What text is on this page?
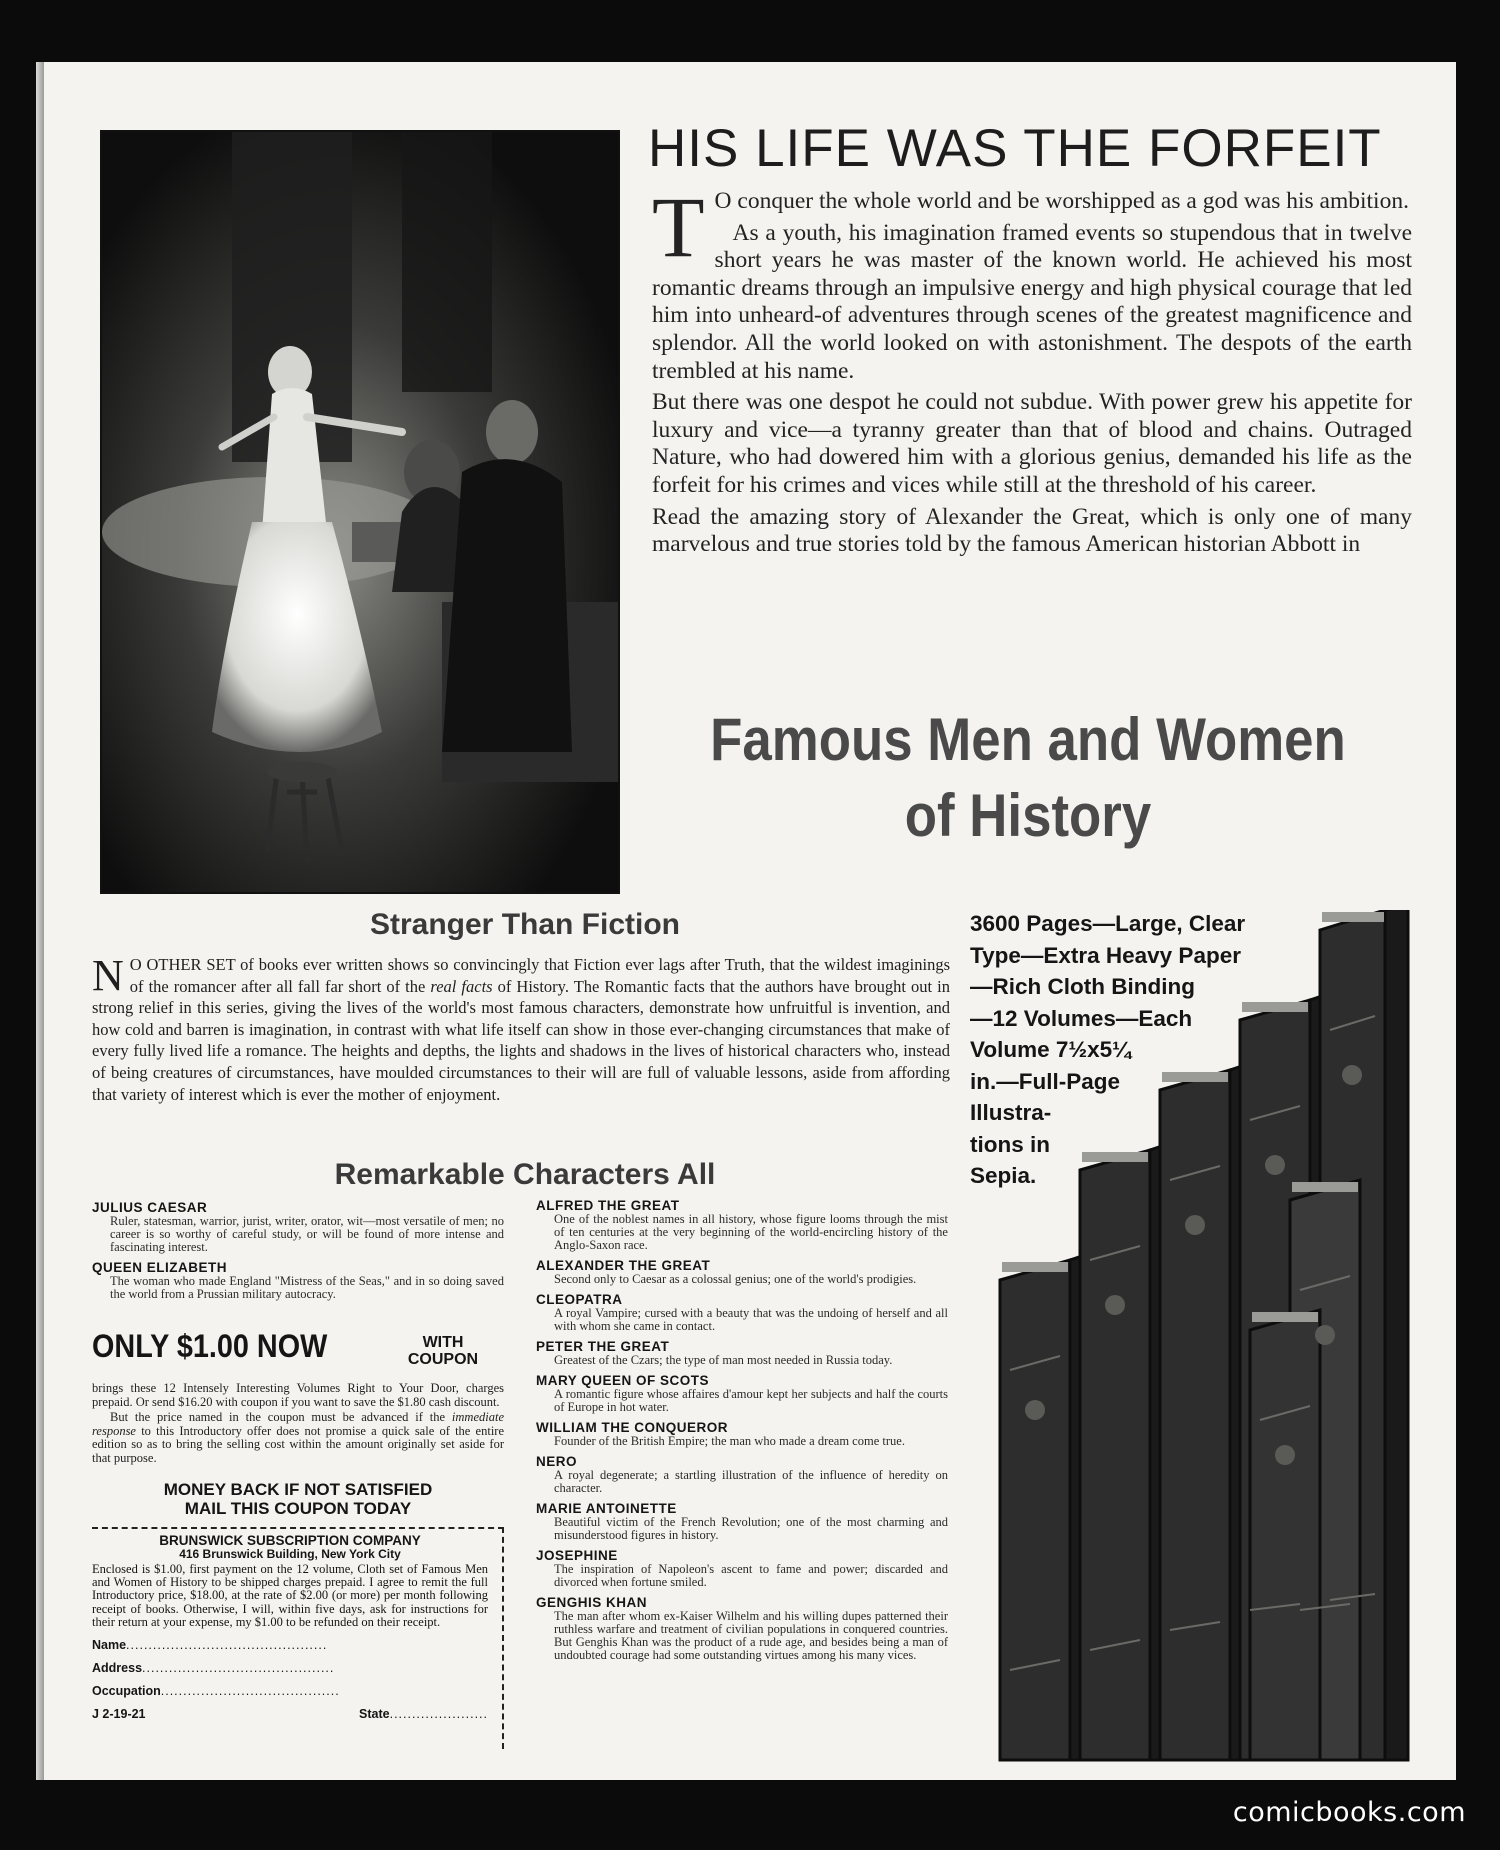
HIS LIFE WAS THE FORFEIT

T O conquer the whole world and be worshipped as a god was his ambition.

As a youth, his imagination framed events so stupendous that in twelve short years he was master of the known world. He achieved his most romantic dreams through an impulsive energy and high physical courage that led him into unheard-of adventures through scenes of the greatest magnificence and splendor. All the world looked on with astonishment. The despots of the earth trembled at his name.

But there was one despot he could not subdue. With power grew his appetite for luxury and vice—a tyranny greater than that of blood and chains. Outraged Nature, who had dowered him with a glorious genius, demanded his life as the forfeit for his crimes and vices while still at the threshold of his career.

Read the amazing story of Alexander the Great, which is only one of many marvelous and true stories told by the famous American historian Abbott in

Famous Men and Women
of History
Stranger Than Fiction
N O OTHER SET of books ever written shows so convincingly that Fiction ever lags after Truth, that the wildest imaginings of the romancer after all fall far short of the real facts of History. The Romantic facts that the authors have brought out in strong relief in this series, giving the lives of the world's most famous characters, demonstrate how unfruitful is invention, and how cold and barren is imagination, in contrast with what life itself can show in those ever-changing circumstances that make of every fully lived life a romance. The heights and depths, the lights and shadows in the lives of historical characters who, instead of being creatures of circumstances, have moulded circumstances to their will are full of valuable lessons, aside from affording that variety of interest which is ever the mother of enjoyment.
Remarkable Characters All
JULIUS CAESAR
Ruler, statesman, warrior, jurist, writer, orator, wit—most versatile of men; no career is so worthy of careful study, or will be found of more intense and fascinating interest.
QUEEN ELIZABETH
The woman who made England "Mistress of the Seas," and in so doing saved the world from a Prussian military autocracy.
ONLY $1.00 NOW	WITH
COUPON

brings these 12 Intensely Interesting Volumes Right to Your Door, charges prepaid. Or send $16.20 with coupon if you want to save the $1.80 cash discount.

But the price named in the coupon must be advanced if the immediate response to this Introductory offer does not promise a quick sale of the entire edition so as to bring the selling cost within the amount originally set aside for that purpose.

MONEY BACK IF NOT SATISFIED
MAIL THIS COUPON TODAY
BRUNSWICK SUBSCRIPTION COMPANY
416 Brunswick Building, New York City
Enclosed is $1.00, first payment on the 12 volume, Cloth set of Famous Men and Women of History to be shipped charges prepaid. I agree to remit the full Introductory price, $18.00, at the rate of $2.00 (or more) per month following receipt of books. Otherwise, I will, within five days, ask for instructions for their return at your expense, my $1.00 to be refunded on their receipt.
Name.............................................
Address...........................................
Occupation........................................
J 2-19-21	State......................
ALFRED THE GREAT
One of the noblest names in all history, whose figure looms through the mist of ten centuries at the very beginning of the world-encircling history of the Anglo-Saxon race.
ALEXANDER THE GREAT
Second only to Caesar as a colossal genius; one of the world's prodigies.
CLEOPATRA
A royal Vampire; cursed with a beauty that was the undoing of herself and all with whom she came in contact.
PETER THE GREAT
Greatest of the Czars; the type of man most needed in Russia today.
MARY QUEEN OF SCOTS
A romantic figure whose affaires d'amour kept her subjects and half the courts of Europe in hot water.
WILLIAM THE CONQUEROR
Founder of the British Empire; the man who made a dream come true.
NERO
A royal degenerate; a startling illustration of the influence of heredity on character.
MARIE ANTOINETTE
Beautiful victim of the French Revolution; one of the most charming and misunderstood figures in history.
JOSEPHINE
The inspiration of Napoleon's ascent to fame and power; discarded and divorced when fortune smiled.
GENGHIS KHAN
The man after whom ex-Kaiser Wilhelm and his willing dupes patterned their ruthless warfare and treatment of civilian populations in conquered countries. But Genghis Khan was the product of a rude age, and besides being a man of undoubted courage had some outstanding virtues among his many vices.
3600 Pages—Large, Clear
Type—Extra Heavy Paper
—Rich Cloth Binding
—12 Volumes—Each
Volume 7½x5¼
in.—Full-Page
Illustra-
tions in
Sepia.
comicbooks.com
